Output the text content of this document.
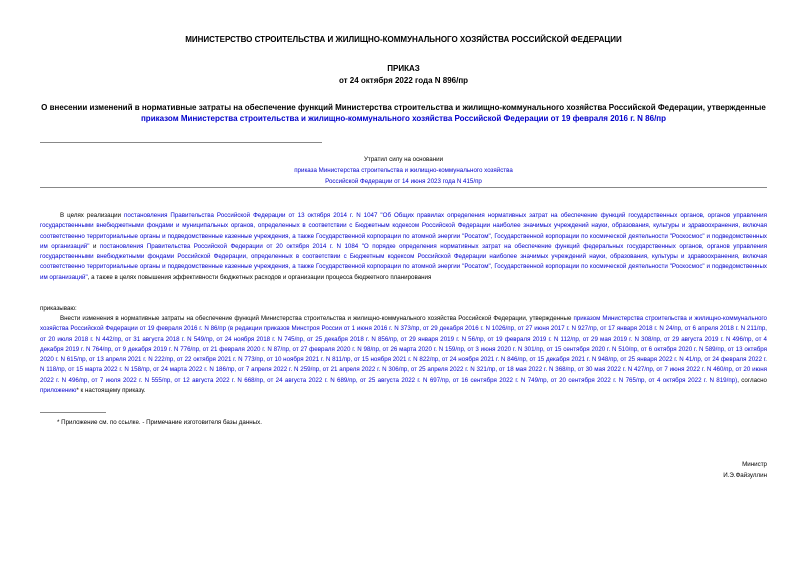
МИНИСТЕРСТВО СТРОИТЕЛЬСТВА И ЖИЛИЩНО-КОММУНАЛЬНОГО ХОЗЯЙСТВА РОССИЙСКОЙ ФЕДЕРАЦИИ
ПРИКАЗ
от 24 октября 2022 года N 896/пр
О внесении изменений в нормативные затраты на обеспечение функций Министерства строительства и жилищно-коммунального хозяйства Российской Федерации, утвержденные приказом Министерства строительства и жилищно-коммунального хозяйства Российской Федерации от 19 февраля 2016 г. N 86/пр
Утратил силу на основании
приказа Министерства строительства и жилищно-коммунального хозяйства
Российской Федерации от 14 июня 2023 года N 415/пр
В целях реализации постановления Правительства Российской Федерации от 13 октября 2014 г. N 1047 "Об Общих правилах определения нормативных затрат на обеспечение функций государственных органов, органов управления государственными внебюджетными фондами и муниципальных органов, определенных в соответствии с Бюджетным кодексом Российской Федерации наиболее значимых учреждений науки, образования, культуры и здравоохранения, включая соответственно территориальные органы и подведомственные казенные учреждения, а также Государственной корпорации по атомной энергии "Росатом", Государственной корпорации по космической деятельности "Роскосмос" и подведомственных им организаций" и постановления Правительства Российской Федерации от 20 октября 2014 г. N 1084 "О порядке определения нормативных затрат на обеспечение функций федеральных государственных органов, органов управления государственными внебюджетными фондами Российской Федерации, определенных в соответствии с Бюджетным кодексом Российской Федерации наиболее значимых учреждений науки, образования, культуры и здравоохранения, включая соответственно территориальные органы и подведомственные казенные учреждения, а также Государственной корпорации по атомной энергии "Росатом", Государственной корпорации по космической деятельности "Роскосмос" и подведомственных им организаций", а также в целях повышения эффективности бюджетных расходов и организации процесса бюджетного планирования
приказываю:
Внести изменения в нормативные затраты на обеспечение функций Министерства строительства и жилищно-коммунального хозяйства Российской Федерации, утвержденные приказом Министерства строительства и жилищно-коммунального хозяйства Российской Федерации от 19 февраля 2016 г. N 86/пр (в редакции приказов Минстроя России от 1 июня 2016 г. N 373/пр, от 29 декабря 2016 г. N 1026/пр, от 27 июня 2017 г. N 927/пр, от 17 января 2018 г. N 24/пр, от 6 апреля 2018 г. N 211/пр, от 20 июля 2018 г. N 442/пр, от 31 августа 2018 г. N 549/пр, от 24 ноября 2018 г. N 745/пр, от 25 декабря 2018 г. N 856/пр, от 29 января 2019 г. N 56/пр, от 19 февраля 2019 г. N 112/пр, от 29 мая 2019 г. N 308/пр, от 29 августа 2019 г. N 496/пр, от 4 декабря 2019 г. N 764/пр, от 9 декабря 2019 г. N 776/пр, от 21 февраля 2020 г. N 87/пр, от 27 февраля 2020 г. N 98/пр, от 26 марта 2020 г. N 159/пр, от 3 июня 2020 г. N 301/пр, от 15 сентября 2020 г. N 510/пр, от 6 октября 2020 г. N 589/пр, от 13 октября 2020 г. N 615/пр, от 13 апреля 2021 г. N 222/пр, от 22 октября 2021 г. N 773/пр, от 10 ноября 2021 г. N 811/пр, от 15 ноября 2021 г. N 822/пр, от 24 ноября 2021 г. N 846/пр, от 15 декабря 2021 г. N 948/пр, от 25 января 2022 г. N 41/пр, от 24 февраля 2022 г. N 118/пр, от 15 марта 2022 г. N 158/пр, от 24 марта 2022 г. N 186/пр, от 7 апреля 2022 г. N 259/пр, от 21 апреля 2022 г. N 306/пр, от 25 апреля 2022 г. N 321/пр, от 18 мая 2022 г. N 368/пр, от 30 мая 2022 г. N 427/пр, от 7 июня 2022 г. N 460/пр, от 20 июня 2022 г. N 496/пр, от 7 июля 2022 г. N 555/пр, от 12 августа 2022 г. N 668/пр, от 24 августа 2022 г. N 689/пр, от 25 августа 2022 г. N 697/пр, от 16 сентября 2022 г. N 749/пр, от 20 сентября 2022 г. N 765/пр, от 4 октября 2022 г. N 819/пр), согласно приложению* к настоящему приказу.
* Приложение см. по ссылке. - Примечание изготовителя базы данных.
Министр
И.Э.Файзуллин
